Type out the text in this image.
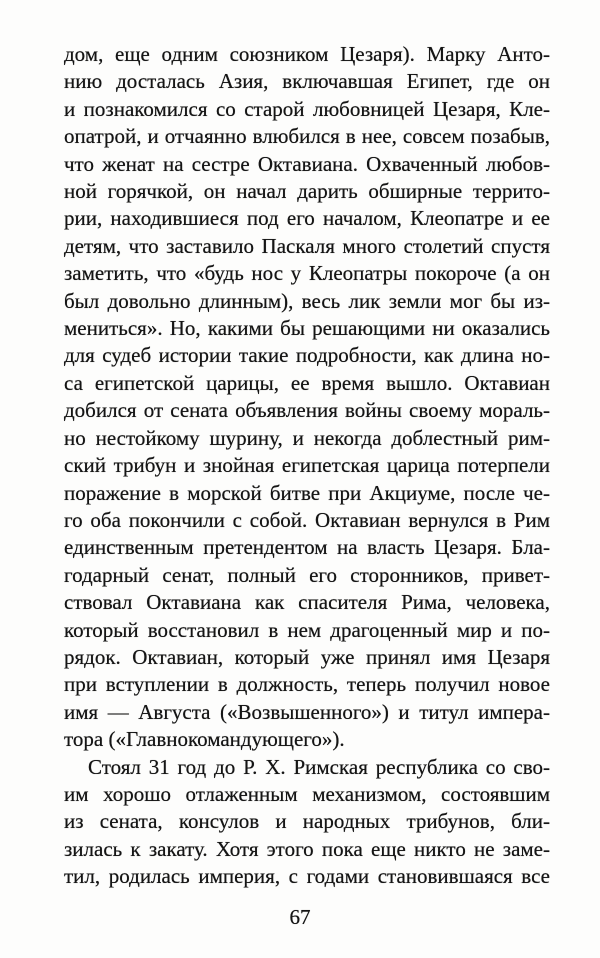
дом, еще одним союзником Цезаря). Марку Анто-
нию досталась Азия, включавшая Египет, где он
и познакомился со старой любовницей Цезаря, Кле-
опатрой, и отчаянно влюбился в нее, совсем позабыв,
что женат на сестре Октавиана. Охваченный любов-
ной горячкой, он начал дарить обширные террито-
рии, находившиеся под его началом, Клеопатре и ее
детям, что заставило Паскаля много столетий спустя
заметить, что «будь нос у Клеопатры покороче (а он
был довольно длинным), весь лик земли мог бы из-
мениться». Но, какими бы решающими ни оказались
для судеб истории такие подробности, как длина но-
са египетской царицы, ее время вышло. Октавиан
добился от сената объявления войны своему мораль-
но нестойкому шурину, и некогда доблестный рим-
ский трибун и знойная египетская царица потерпели
поражение в морской битве при Акциуме, после че-
го оба покончили с собой. Октавиан вернулся в Рим
единственным претендентом на власть Цезаря. Бла-
годарный сенат, полный его сторонников, привет-
ствовал Октавиана как спасителя Рима, человека,
который восстановил в нем драгоценный мир и по-
рядок. Октавиан, который уже принял имя Цезаря
при вступлении в должность, теперь получил новое
имя — Августа («Возвышенного») и титул импера-
тора («Главнокомандующего»).
Стоял 31 год до Р. Х. Римская республика со сво-
им хорошо отлаженным механизмом, состоявшим
из сената, консулов и народных трибунов, бли-
зилась к закату. Хотя этого пока еще никто не заме-
тил, родилась империя, с годами становившаяся все
67
